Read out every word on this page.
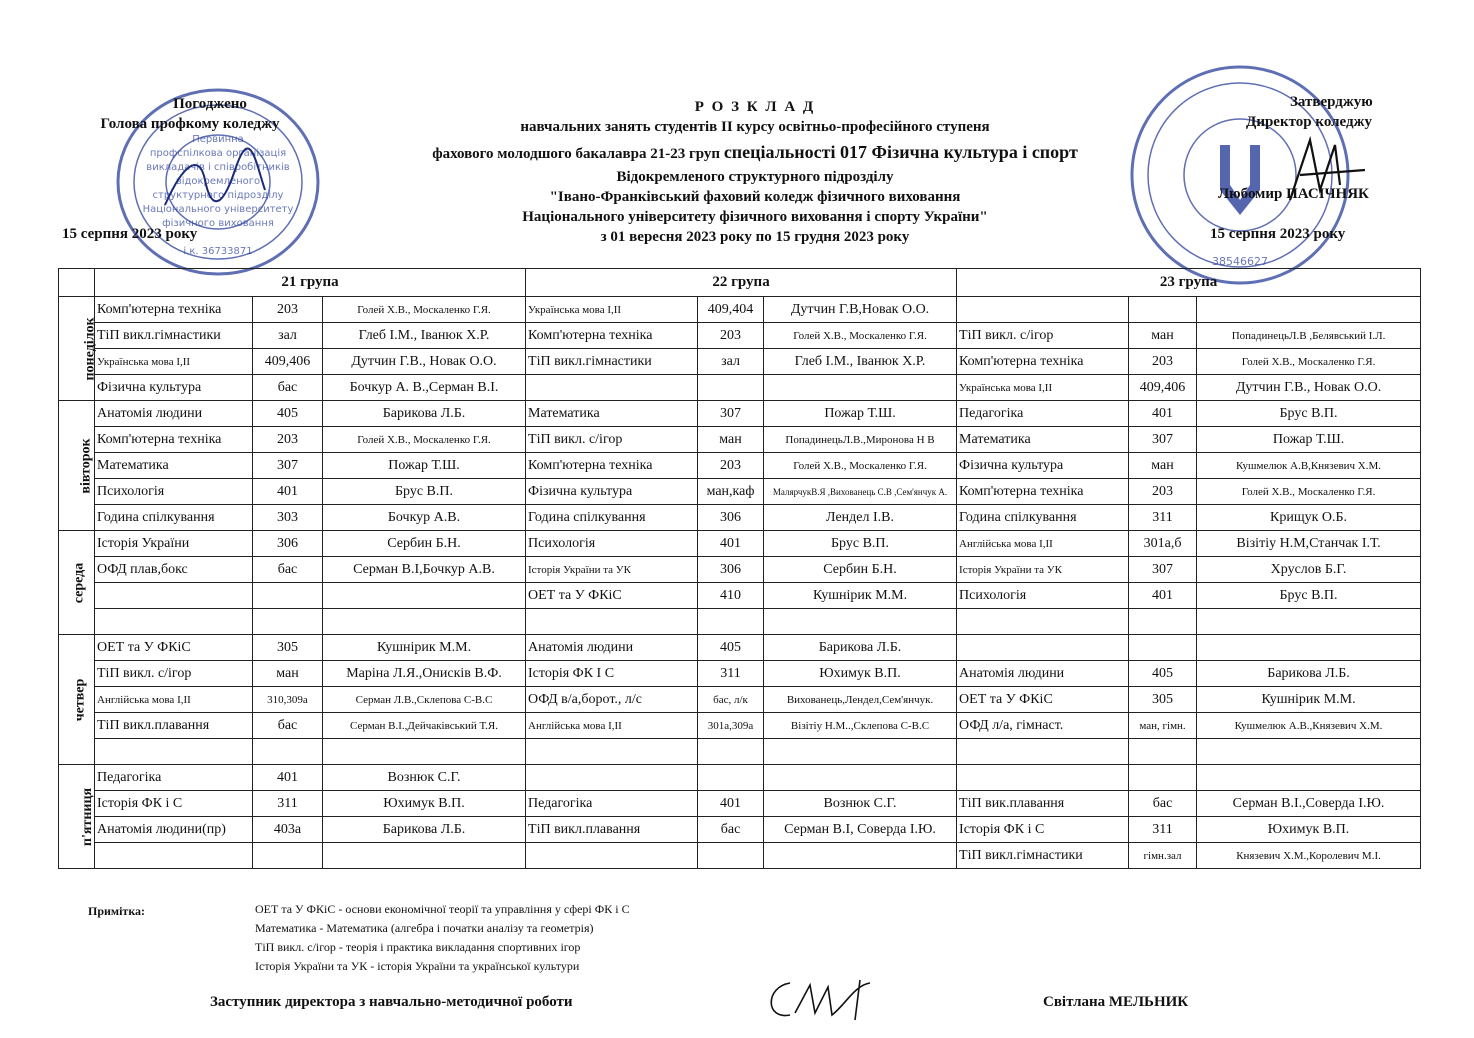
Первинна
профспілкова організація
викладачів і співробітників
відокремленого
структурного підрозділу
Національного університету
фізичного виховання
і.к. 36733871
38546627
Погоджено
Голова профкому коледжу
15 серпня 2023 року
Затверджую
Директор коледжу
Любомир ПАСІЧНЯК
15 серпня 2023 року
Р О З К Л А Д
навчальних занять студентів ІІ курсу освітньо-професійного ступеня
фахового молодшого бакалавра 21-23 груп спеціальності 017 Фізична культура і спорт
Відокремленого структурного підрозділу
"Івано-Франківський фаховий коледж фізичного виховання
Національного університету фізичного виховання і спорту України"
з 01 вересня 2023 року по 15 грудня 2023 року
	21 група			22 група			23 група		
понеділок	Комп'ютерна техніка	203	Голей Х.В., Москаленко Г.Я.	Українська мова І,ІІ	409,404	Дутчин Г.В,Новак О.О.			
	ТіП викл.гімнастики	зал	Глеб І.М., Іванюк Х.Р.	Комп'ютерна техніка	203	Голей Х.В., Москаленко Г.Я.	ТіП викл. с/ігор	ман	ПопадинецьЛ.В ,Белявський І.Л.
	Українська мова І,ІІ	409,406	Дутчин Г.В., Новак О.О.	ТіП викл.гімнастики	зал	Глеб І.М., Іванюк Х.Р.	Комп'ютерна техніка	203	Голей Х.В., Москаленко Г.Я.
	Фізична культура	бас	Бочкур А. В.,Серман В.І.				Українська мова І,ІІ	409,406	Дутчин Г.В., Новак О.О.
вівторок	Анатомія людини	405	Барикова Л.Б.	Математика	307	Пожар Т.Ш.	Педагогіка	401	Брус В.П.
	Комп'ютерна техніка	203	Голей Х.В., Москаленко Г.Я.	ТіП викл. с/ігор	ман	ПопадинецьЛ.В.,Миронова Н В	Математика	307	Пожар Т.Ш.
	Математика	307	Пожар Т.Ш.	Комп'ютерна техніка	203	Голей Х.В., Москаленко Г.Я.	Фізична культура	ман	Кушмелюк А.В,Князевич Х.М.
	Психологія	401	Брус В.П.	Фізична культура	ман,каф	МалярчукВ.Я ,Вихованець С.В ,Сем'янчук А.	Комп'ютерна техніка	203	Голей Х.В., Москаленко Г.Я.
	Година спілкування	303	Бочкур А.В.	Година спілкування	306	Лендел І.В.	Година спілкування	311	Крищук О.Б.
середа	Історія України	306	Сербин Б.Н.	Психологія	401	Брус В.П.	Англійська мова І,ІІ	301а,б	Візітіу Н.М,Станчак І.Т.
	ОФД плав,бокс	бас	Серман В.І,Бочкур А.В.	Історія України та УК	306	Сербин Б.Н.	Історія України та УК	307	Хруслов Б.Г.
				ОЕТ та У ФКіС	410	Кушнірик М.М.	Психологія	401	Брус В.П.

четвер	ОЕТ та У ФКіС	305	Кушнірик М.М.	Анатомія людини	405	Барикова Л.Б.			
	ТіП викл. с/ігор	ман	Маріна Л.Я.,Онисків В.Ф.	Історія ФК І С	311	Юхимук В.П.	Анатомія людини	405	Барикова Л.Б.
	Англійська мова І,ІІ	310,309а	Серман Л.В.,Склепова С-В.С	ОФД в/а,борот., л/с	бас, л/к	Вихованець,Лендел,Сем'янчук.	ОЕТ та У ФКіС	305	Кушнірик М.М.
	ТіП викл.плавання	бас	Серман В.І.,Дейчаківський Т.Я.	Англійська мова І,ІІ	301а,309а	Візітіу Н.М..,Склепова С-В.С	ОФД л/а, гімнаст.	ман, гімн.	Кушмелюк А.В.,Князевич Х.М.

п'ятниця	Педагогіка	401	Вознюк С.Г.						
	Історія ФК і С	311	Юхимук В.П.	Педагогіка	401	Вознюк С.Г.	ТіП вик.плавання	бас	Серман В.І.,Соверда І.Ю.
	Анатомія людини(пр)	403а	Барикова Л.Б.	ТіП викл.плавання	бас	Серман В.І, Соверда І.Ю.	Історія ФК і С	311	Юхимук В.П.
							ТіП викл.гімнастики	гімн.зал	Князевич Х.М.,Королевич М.І.
Примітка:	ОЕТ та У ФКіС - основи економічної теорії та управління у сфері ФК і С
Математика - Математика (алгебра і початки аналізу та геометрія)
ТіП викл. с/ігор - теорія і практика викладання спортивних ігор
Історія України та УК - історія України та української культури
Заступник директора з навчально-методичної роботи	Світлана МЕЛЬНИК
